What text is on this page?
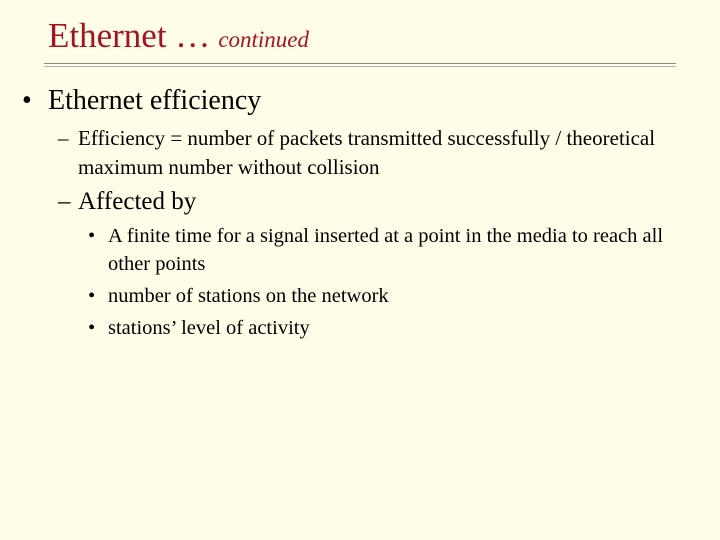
Ethernet … continued
• Ethernet efficiency
– Efficiency = number of packets transmitted successfully / theoretical maximum number without collision
– Affected by
• A finite time for a signal inserted at a point in the media to reach all other points
• number of stations on the network
• stations’ level of activity
